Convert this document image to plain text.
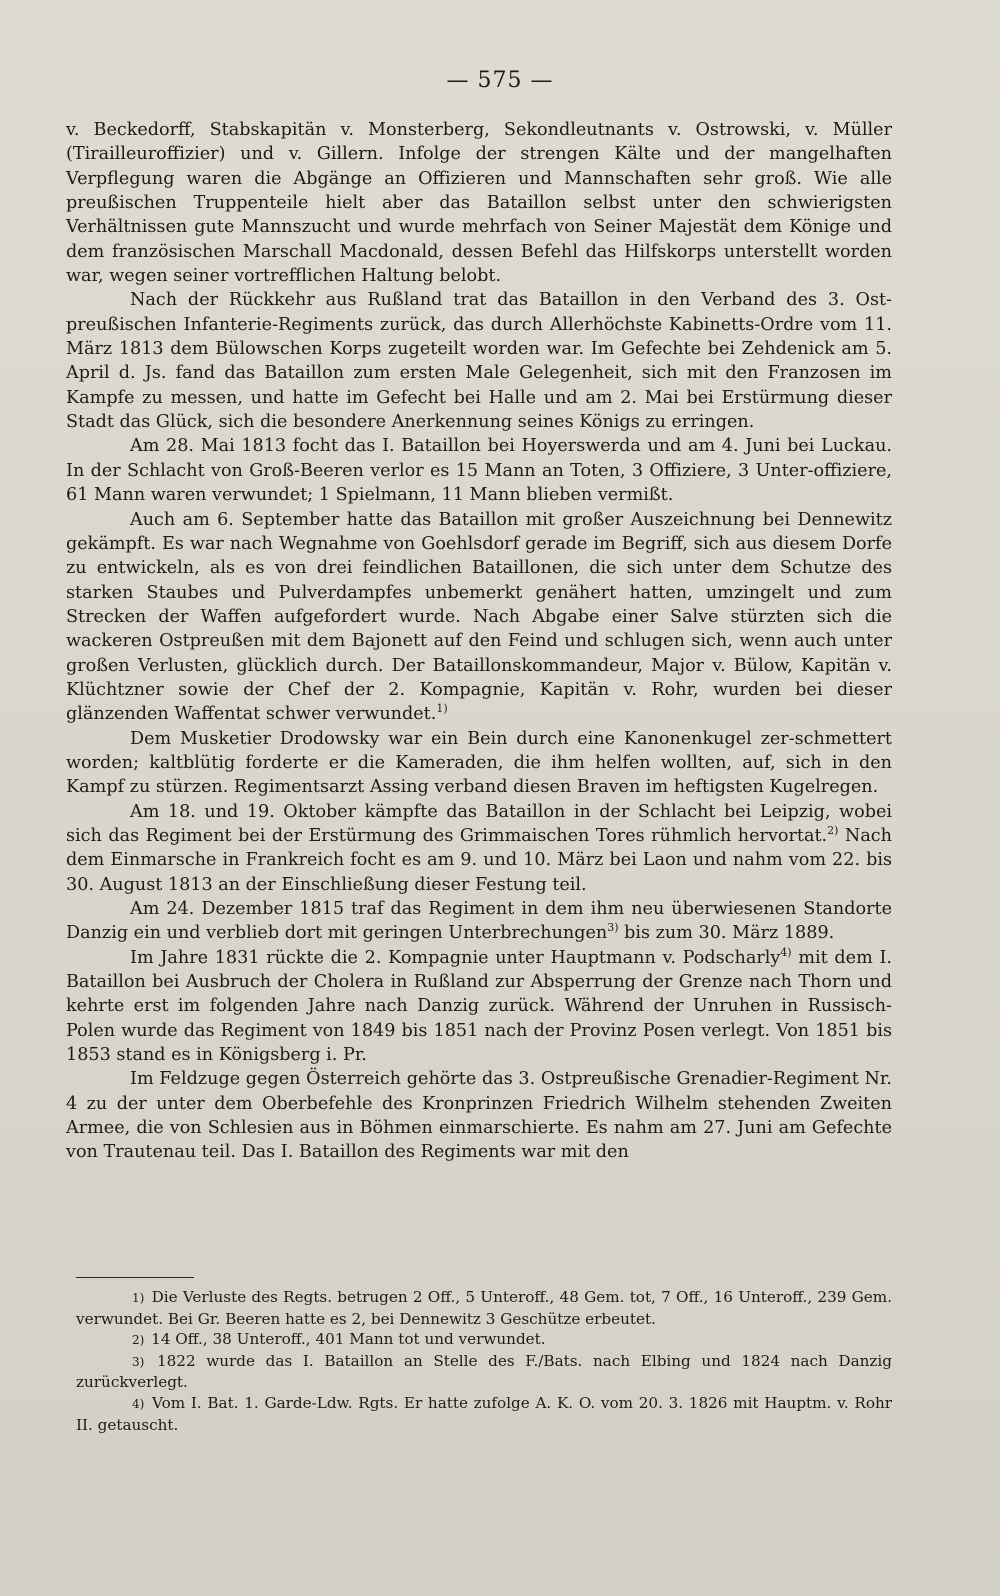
— 575 —

v. Beckedorff, Stabskapitän v. Monsterberg, Sekondleutnants v. Ostrowski, v. Müller (Tirailleuroffizier) und v. Gillern. Infolge der strengen Kälte und der mangelhaften Verpflegung waren die Abgänge an Offizieren und Mannschaften sehr groß. Wie alle preußischen Truppenteile hielt aber das Bataillon selbst unter den schwierigsten Verhältnissen gute Mannszucht und wurde mehrfach von Seiner Majestät dem Könige und dem französischen Marschall Macdonald, dessen Befehl das Hilfskorps unterstellt worden war, wegen seiner vortrefflichen Haltung belobt.

Nach der Rückkehr aus Rußland trat das Bataillon in den Verband des 3. Ost-preußischen Infanterie-Regiments zurück, das durch Allerhöchste Kabinetts-Ordre vom 11. März 1813 dem Bülowschen Korps zugeteilt worden war. Im Gefechte bei Zehdenick am 5. April d. Js. fand das Bataillon zum ersten Male Gelegenheit, sich mit den Franzosen im Kampfe zu messen, und hatte im Gefecht bei Halle und am 2. Mai bei Erstürmung dieser Stadt das Glück, sich die besondere Anerkennung seines Königs zu erringen.

Am 28. Mai 1813 focht das I. Bataillon bei Hoyerswerda und am 4. Juni bei Luckau. In der Schlacht von Groß-Beeren verlor es 15 Mann an Toten, 3 Offiziere, 3 Unter-offiziere, 61 Mann waren verwundet; 1 Spielmann, 11 Mann blieben vermißt.

Auch am 6. September hatte das Bataillon mit großer Auszeichnung bei Dennewitz gekämpft. Es war nach Wegnahme von Goehlsdorf gerade im Begriff, sich aus diesem Dorfe zu entwickeln, als es von drei feindlichen Bataillonen, die sich unter dem Schutze des starken Staubes und Pulverdampfes unbemerkt genähert hatten, umzingelt und zum Strecken der Waffen aufgefordert wurde. Nach Abgabe einer Salve stürzten sich die wackeren Ostpreußen mit dem Bajonett auf den Feind und schlugen sich, wenn auch unter großen Verlusten, glücklich durch. Der Bataillonskommandeur, Major v. Bülow, Kapitän v. Klüchtzner sowie der Chef der 2. Kompagnie, Kapitän v. Rohr, wurden bei dieser glänzenden Waffentat schwer verwundet.$^{1)}$

Dem Musketier Drodowsky war ein Bein durch eine Kanonenkugel zer-schmettert worden; kaltblütig forderte er die Kameraden, die ihm helfen wollten, auf, sich in den Kampf zu stürzen. Regimentsarzt Assing verband diesen Braven im heftigsten Kugelregen.

Am 18. und 19. Oktober kämpfte das Bataillon in der Schlacht bei Leipzig, wobei sich das Regiment bei der Erstürmung des Grimmaischen Tores rühmlich hervortat.$^{2)}$ Nach dem Einmarsche in Frankreich focht es am 9. und 10. März bei Laon und nahm vom 22. bis 30. August 1813 an der Einschließung dieser Festung teil.

Am 24. Dezember 1815 traf das Regiment in dem ihm neu überwiesenen Standorte Danzig ein und verblieb dort mit geringen Unterbrechungen$^{3)}$ bis zum 30. März 1889.

Im Jahre 1831 rückte die 2. Kompagnie unter Hauptmann v. Podscharly$^{4)}$ mit dem I. Bataillon bei Ausbruch der Cholera in Rußland zur Absperrung der Grenze nach Thorn und kehrte erst im folgenden Jahre nach Danzig zurück. Während der Unruhen in Russisch-Polen wurde das Regiment von 1849 bis 1851 nach der Provinz Posen verlegt. Von 1851 bis 1853 stand es in Königsberg i. Pr.

Im Feldzuge gegen Österreich gehörte das 3. Ostpreußische Grenadier-Regiment Nr. 4 zu der unter dem Oberbefehle des Kronprinzen Friedrich Wilhelm stehenden Zweiten Armee, die von Schlesien aus in Böhmen einmarschierte. Es nahm am 27. Juni am Gefechte von Trautenau teil. Das I. Bataillon des Regiments war mit den

1) Die Verluste des Regts. betrugen 2 Off., 5 Unteroff., 48 Gem. tot, 7 Off., 16 Unteroff., 239 Gem. verwundet. Bei Gr. Beeren hatte es 2, bei Dennewitz 3 Geschütze erbeutet.

2) 14 Off., 38 Unteroff., 401 Mann tot und verwundet.

3) 1822 wurde das I. Bataillon an Stelle des F./Bats. nach Elbing und 1824 nach Danzig zurückverlegt.

4) Vom I. Bat. 1. Garde-Ldw. Rgts. Er hatte zufolge A. K. O. vom 20. 3. 1826 mit Hauptm. v. Rohr II. getauscht.
